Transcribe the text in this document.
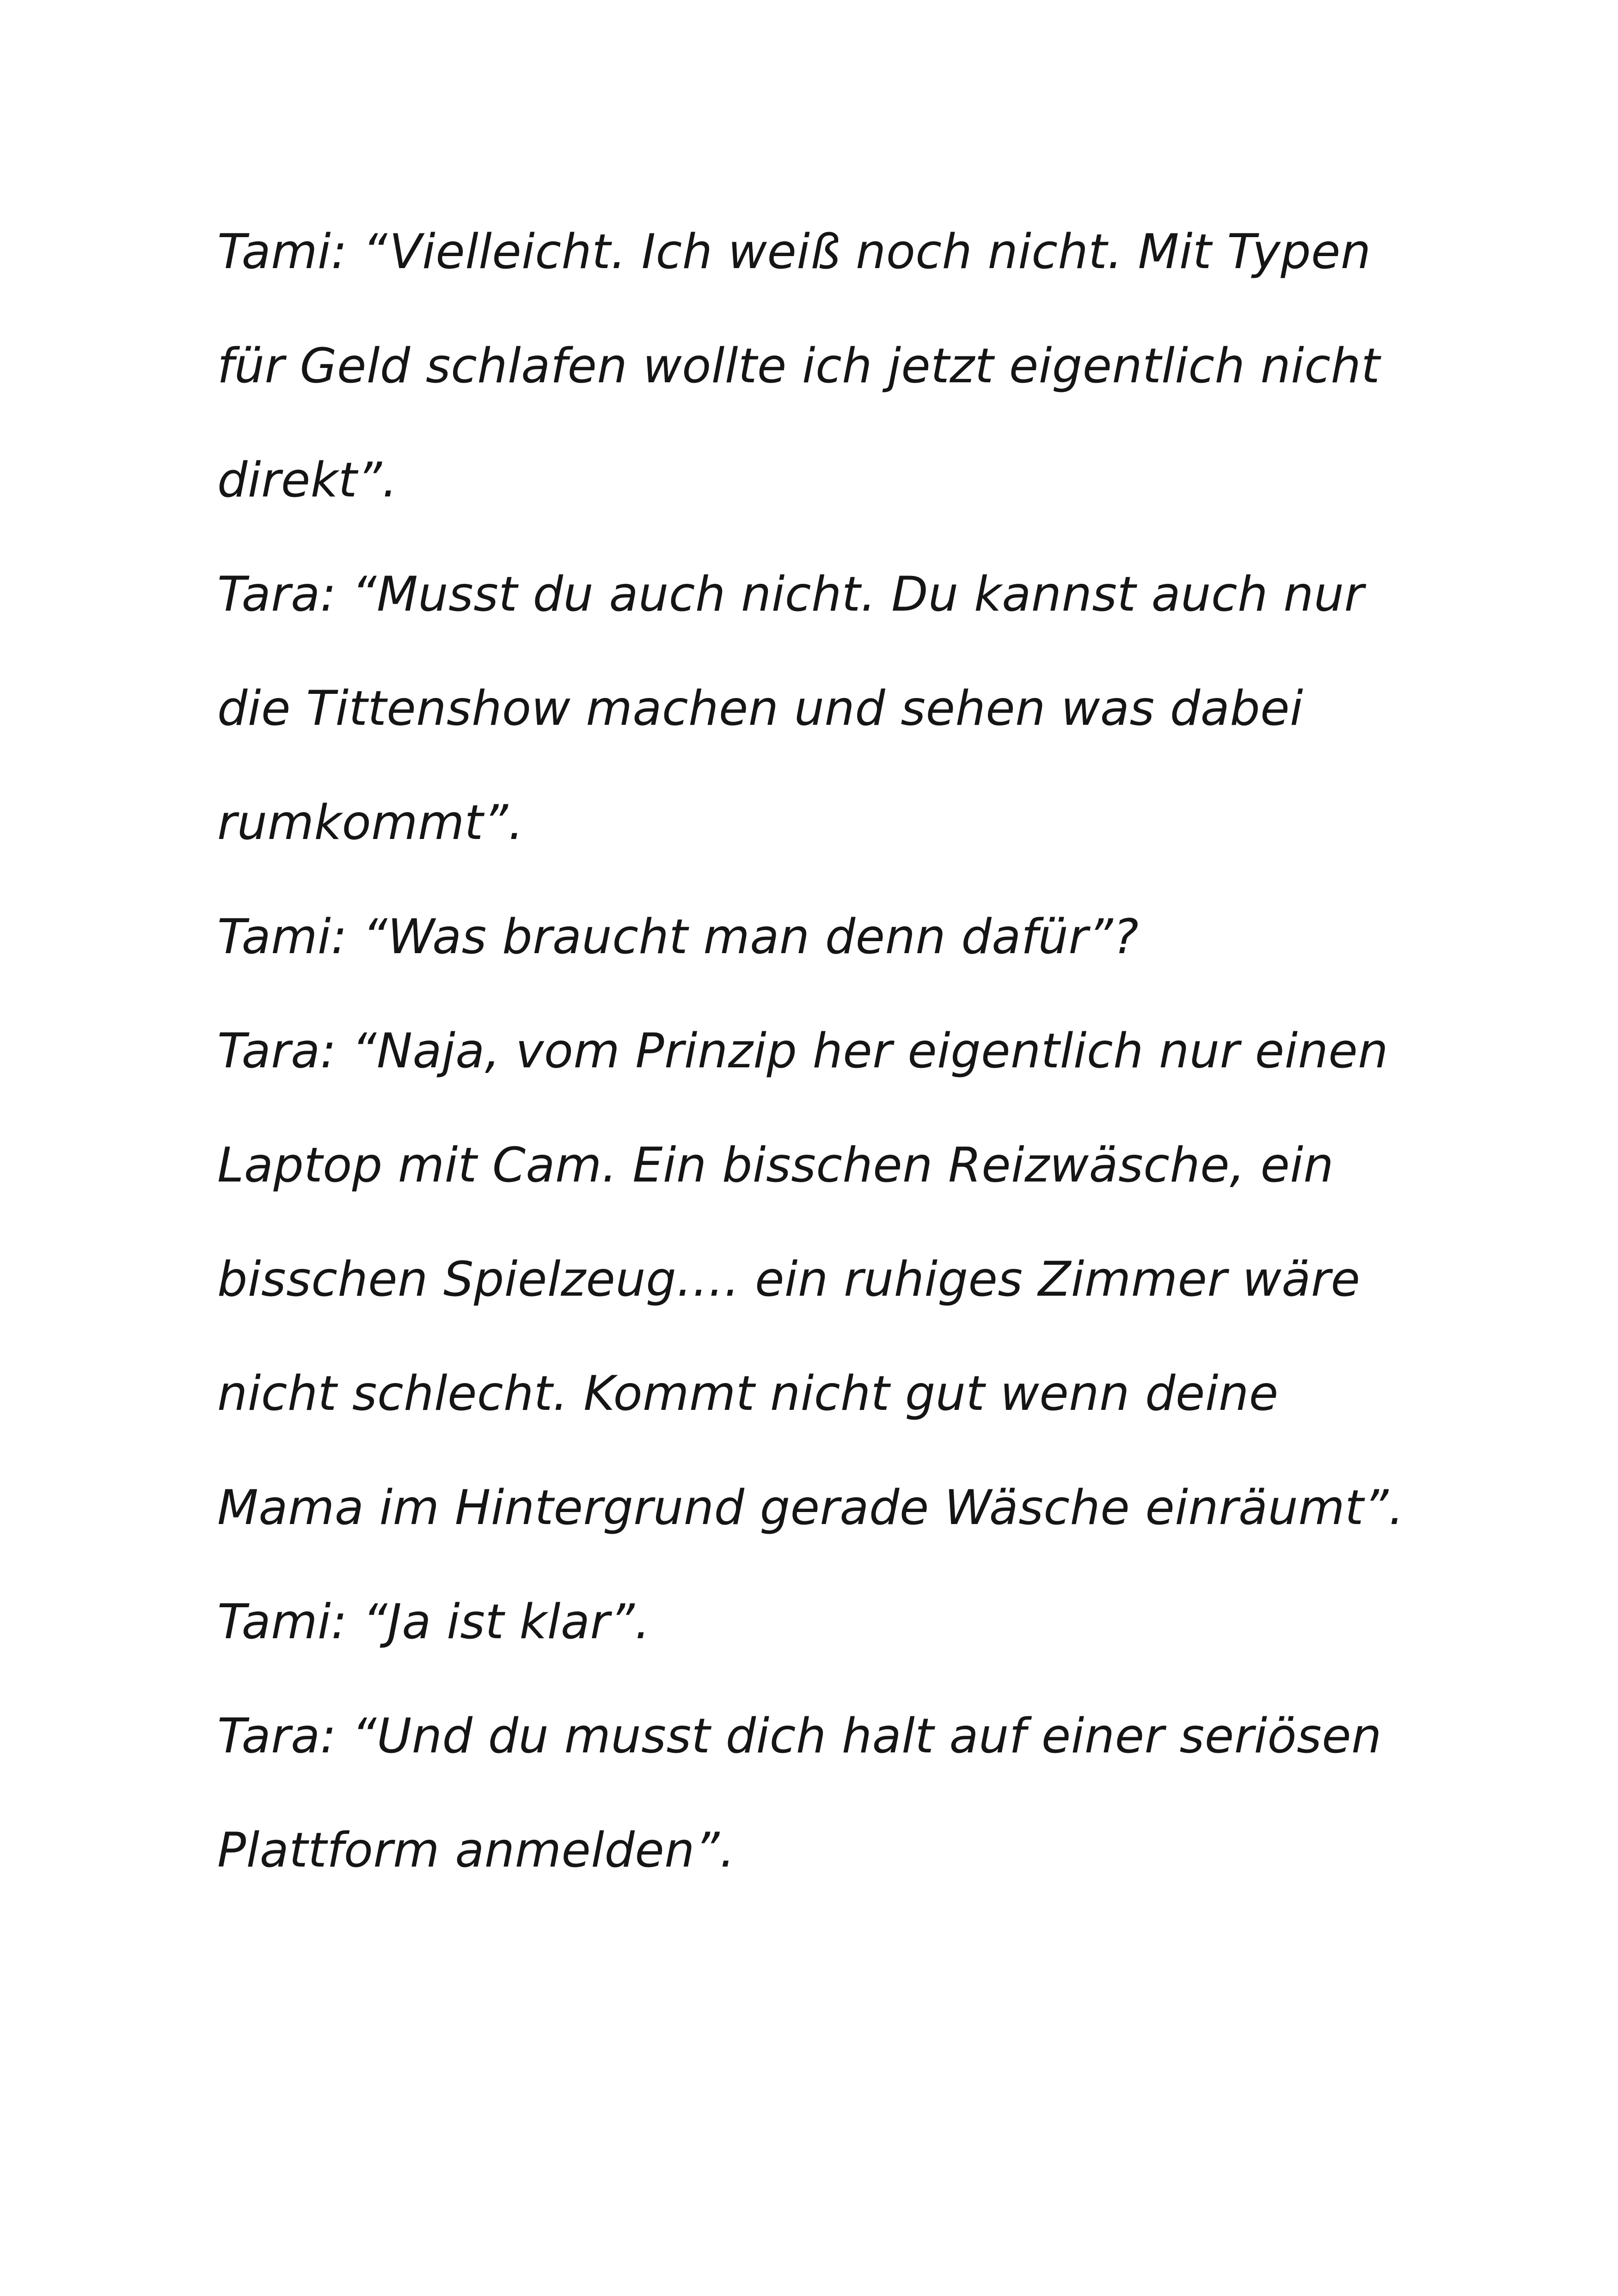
Tami: “Vielleicht. Ich weiß noch nicht. Mit Typen
für Geld schlafen wollte ich jetzt eigentlich nicht
direkt”.
Tara: “Musst du auch nicht. Du kannst auch nur
die Tittenshow machen und sehen was dabei
rumkommt”.
Tami: “Was braucht man denn dafür”?
Tara: “Naja, vom Prinzip her eigentlich nur einen
Laptop mit Cam. Ein bisschen Reizwäsche, ein
bisschen Spielzeug…. ein ruhiges Zimmer wäre
nicht schlecht. Kommt nicht gut wenn deine
Mama im Hintergrund gerade Wäsche einräumt”.
Tami: “Ja ist klar”.
Tara: “Und du musst dich halt auf einer seriösen
Plattform anmelden”.
